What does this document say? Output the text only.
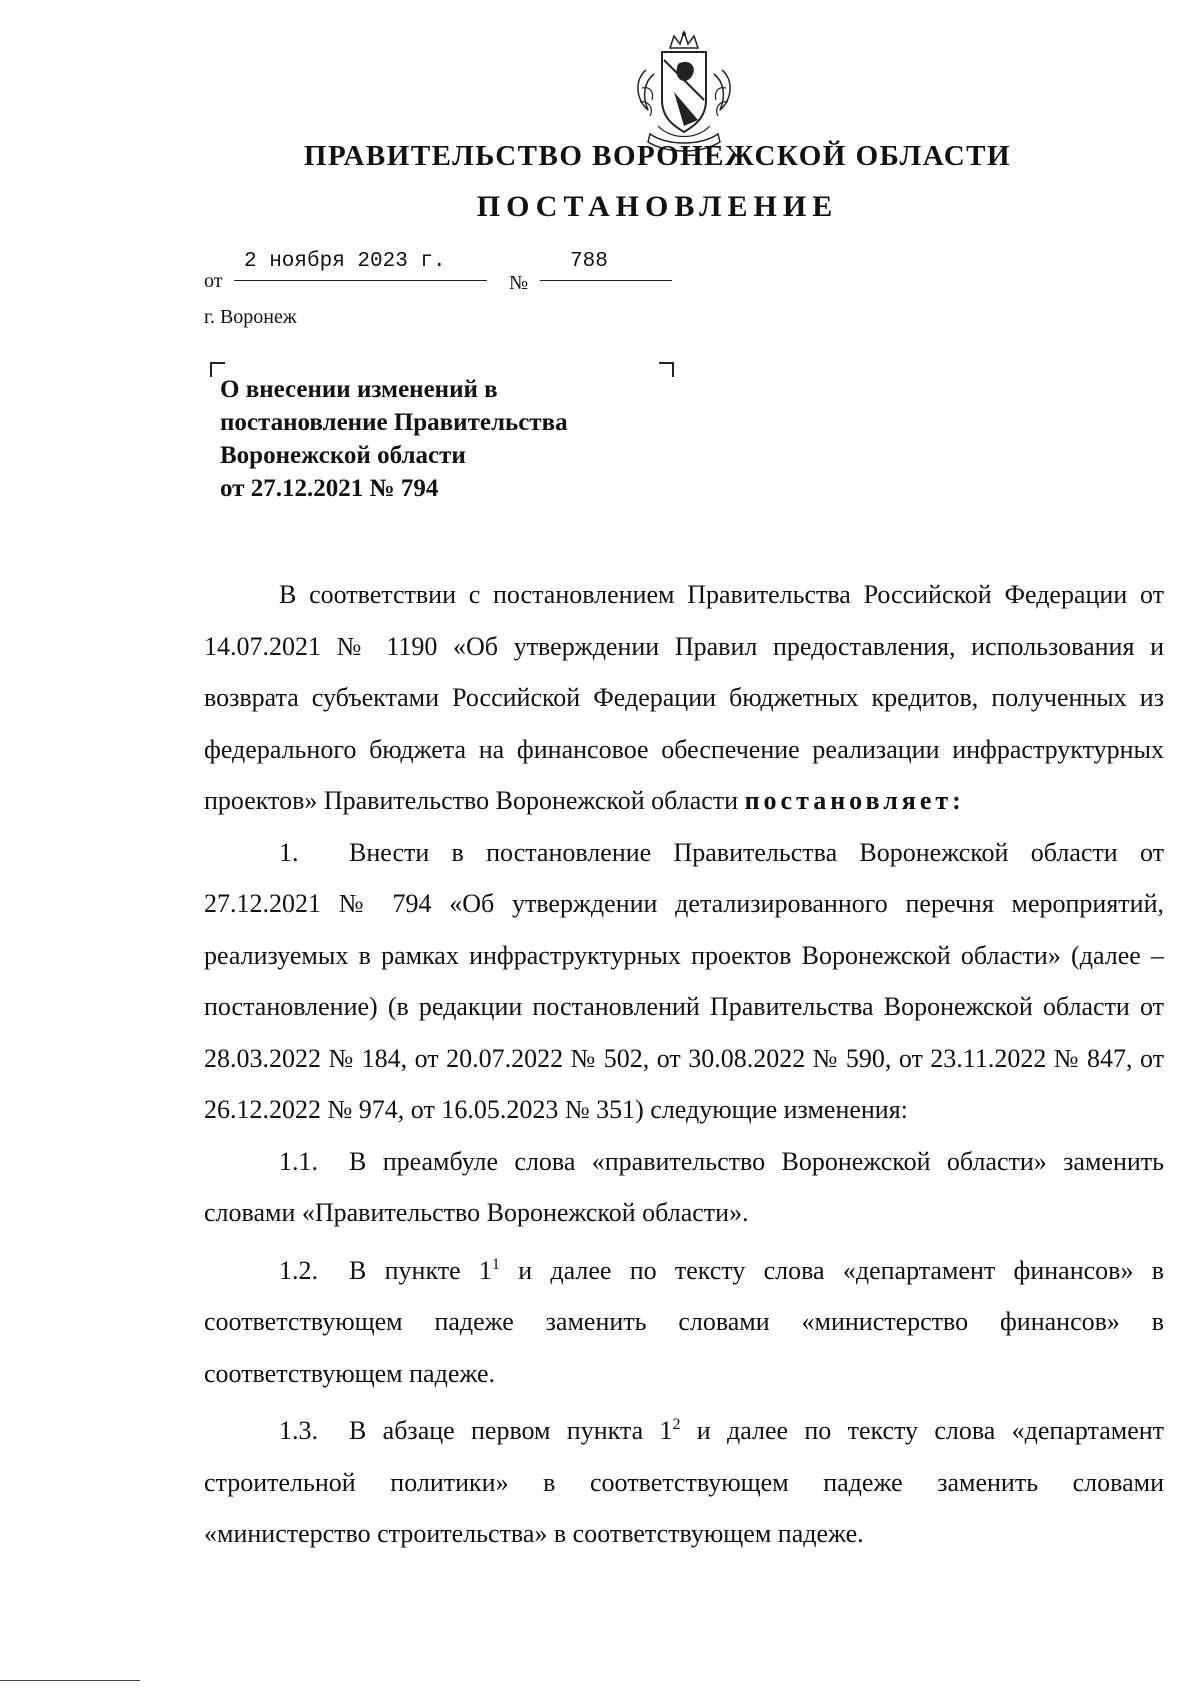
ПРАВИТЕЛЬСТВО ВОРОНЕЖСКОЙ ОБЛАСТИ
ПОСТАНОВЛЕНИЕ
от
2 ноября 2023 г.
№
788
г. Воронеж
О внесении изменений в
постановление Правительства
Воронежской области
от 27.12.2021 № 794

В соответствии с постановлением Правительства Российской Федерации от 14.07.2021 № 1190 «Об утверждении Правил предоставления, использования и возврата субъектами Российской Федерации бюджетных кредитов, полученных из федерального бюджета на финансовое обеспечение реализации инфраструктурных проектов» Правительство Воронежской области постановляет:

1. Внести в постановление Правительства Воронежской области от 27.12.2021 № 794 «Об утверждении детализированного перечня мероприятий, реализуемых в рамках инфраструктурных проектов Воронежской области» (далее – постановление) (в редакции постановлений Правительства Воронежской области от 28.03.2022 № 184, от 20.07.2022 № 502, от 30.08.2022 № 590, от 23.11.2022 № 847, от 26.12.2022 № 974, от 16.05.2023 № 351) следующие изменения:

1.1. В преамбуле слова «правительство Воронежской области» заменить словами «Правительство Воронежской области».

1.2. В пункте $1^1$ и далее по тексту слова «департамент финансов» в соответствующем падеже заменить словами «министерство финансов» в соответствующем падеже.

1.3. В абзаце первом пункта $1^2$ и далее по тексту слова «департамент строительной политики» в соответствующем падеже заменить словами «министерство строительства» в соответствующем падеже.
